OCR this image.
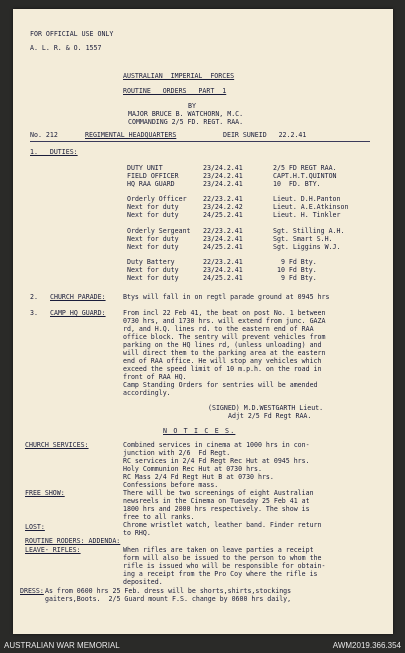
FOR OFFICIAL USE ONLY
A. L. R. & O. 1557
AUSTRALIAN  IMPERIAL  FORCES
ROUTINE   ORDERS   PART  1
BY
MAJOR BRUCE B. WATCHORN, M.C.
COMMANDING 2/5 FD. REGT. RAA.
No. 212	REGIMENTAL HEADQUARTERS	DEIR SUNEID   22.2.41
1.   DUTIES:
DUTY UNIT	23/24.2.41	2/5 FD REGT RAA.
FIELD OFFICER	23/24.2.41	CAPT.H.T.QUINTON
HQ RAA GUARD	23/24.2.41	10  FD. BTY.
Orderly Officer 22/23.2.41	Lieut. D.H.Panton
Next for duty	23/24.2.42	Lieut. A.E.Atkinson
Next for duty	24/25.2.41	Lieut. H. Tinkler
Orderly Sergeant 22/23.2.41	Sgt. Stilling A.H.
Next for duty	23/24.2.41	Sgt. Smart S.H.
Next for duty	24/25.2.41	Sgt. Liggins W.J.
Duty Battery	22/23.2.41	9 Fd Bty.
Next for duty	23/24.2.41	10 Fd Bty.
Next for duty	24/25.2.41	9 Fd Bty.
2. CHURCH PARADE:	Btys will fall in on regtl parade ground at 0945 hrs
3. CAMP HQ GUARD:	From incl 22 Feb 41, the beat on post No. 1 between
0730 hrs, and 1730 hrs. will extend from junc. GAZA
rd, and H.Q. lines rd. to the eastern end of RAA
office block. The sentry will prevent vehicles from
parking on the HQ lines rd, (unless unloading) and
will direct them to the parking area at the eastern
end of RAA office. He will stop any vehicles which
exceed the speed limit of 10 m.p.h. on the road in
front of RAA HQ.
Camp Standing Orders for sentries will be amended
accordingly.
(SIGNED) M.D.WESTGARTH Lieut.
Adjt 2/5 Fd Regt RAA.
N O T I C E S.
CHURCH SERVICES:	Combined services in cinema at 1000 hrs in con-
junction with 2/6  Fd Regt.
RC services in 2/4 Fd Regt Rec Hut at 0945 hrs.
Holy Communion Rec Hut at 0730 hrs.
RC Mass 2/4 Fd Regt Hut B at 0730 hrs.
Confessions before mass.
FREE SHOW:	There will be two screenings of eight Australian
newsreels in the Cinema on Tuesday 25 Feb 41 at
1800 hrs and 2000 hrs respectively. The show is
free to all ranks.
LOST:	Chrome wristlet watch, leather band. Finder return
to RHQ.
ROUTINE RODERS: ADDENDA:
LEAVE- RIFLES:	When rifles are taken on leave parties a receipt
form will also be issued to the person to whom the
rifle is issued who will be responsible for obtain-
ing a receipt from the Pro Coy where the rifle is
deposited.
DRESS: As from 0600 hrs 25 Feb. dress will be shorts,shirts,stockings
gaiters,Boots.  2/5 Guard mount F.S. change by 0600 hrs daily,
AUSTRALIAN WAR MEMORIAL	AWM2019.366.354
